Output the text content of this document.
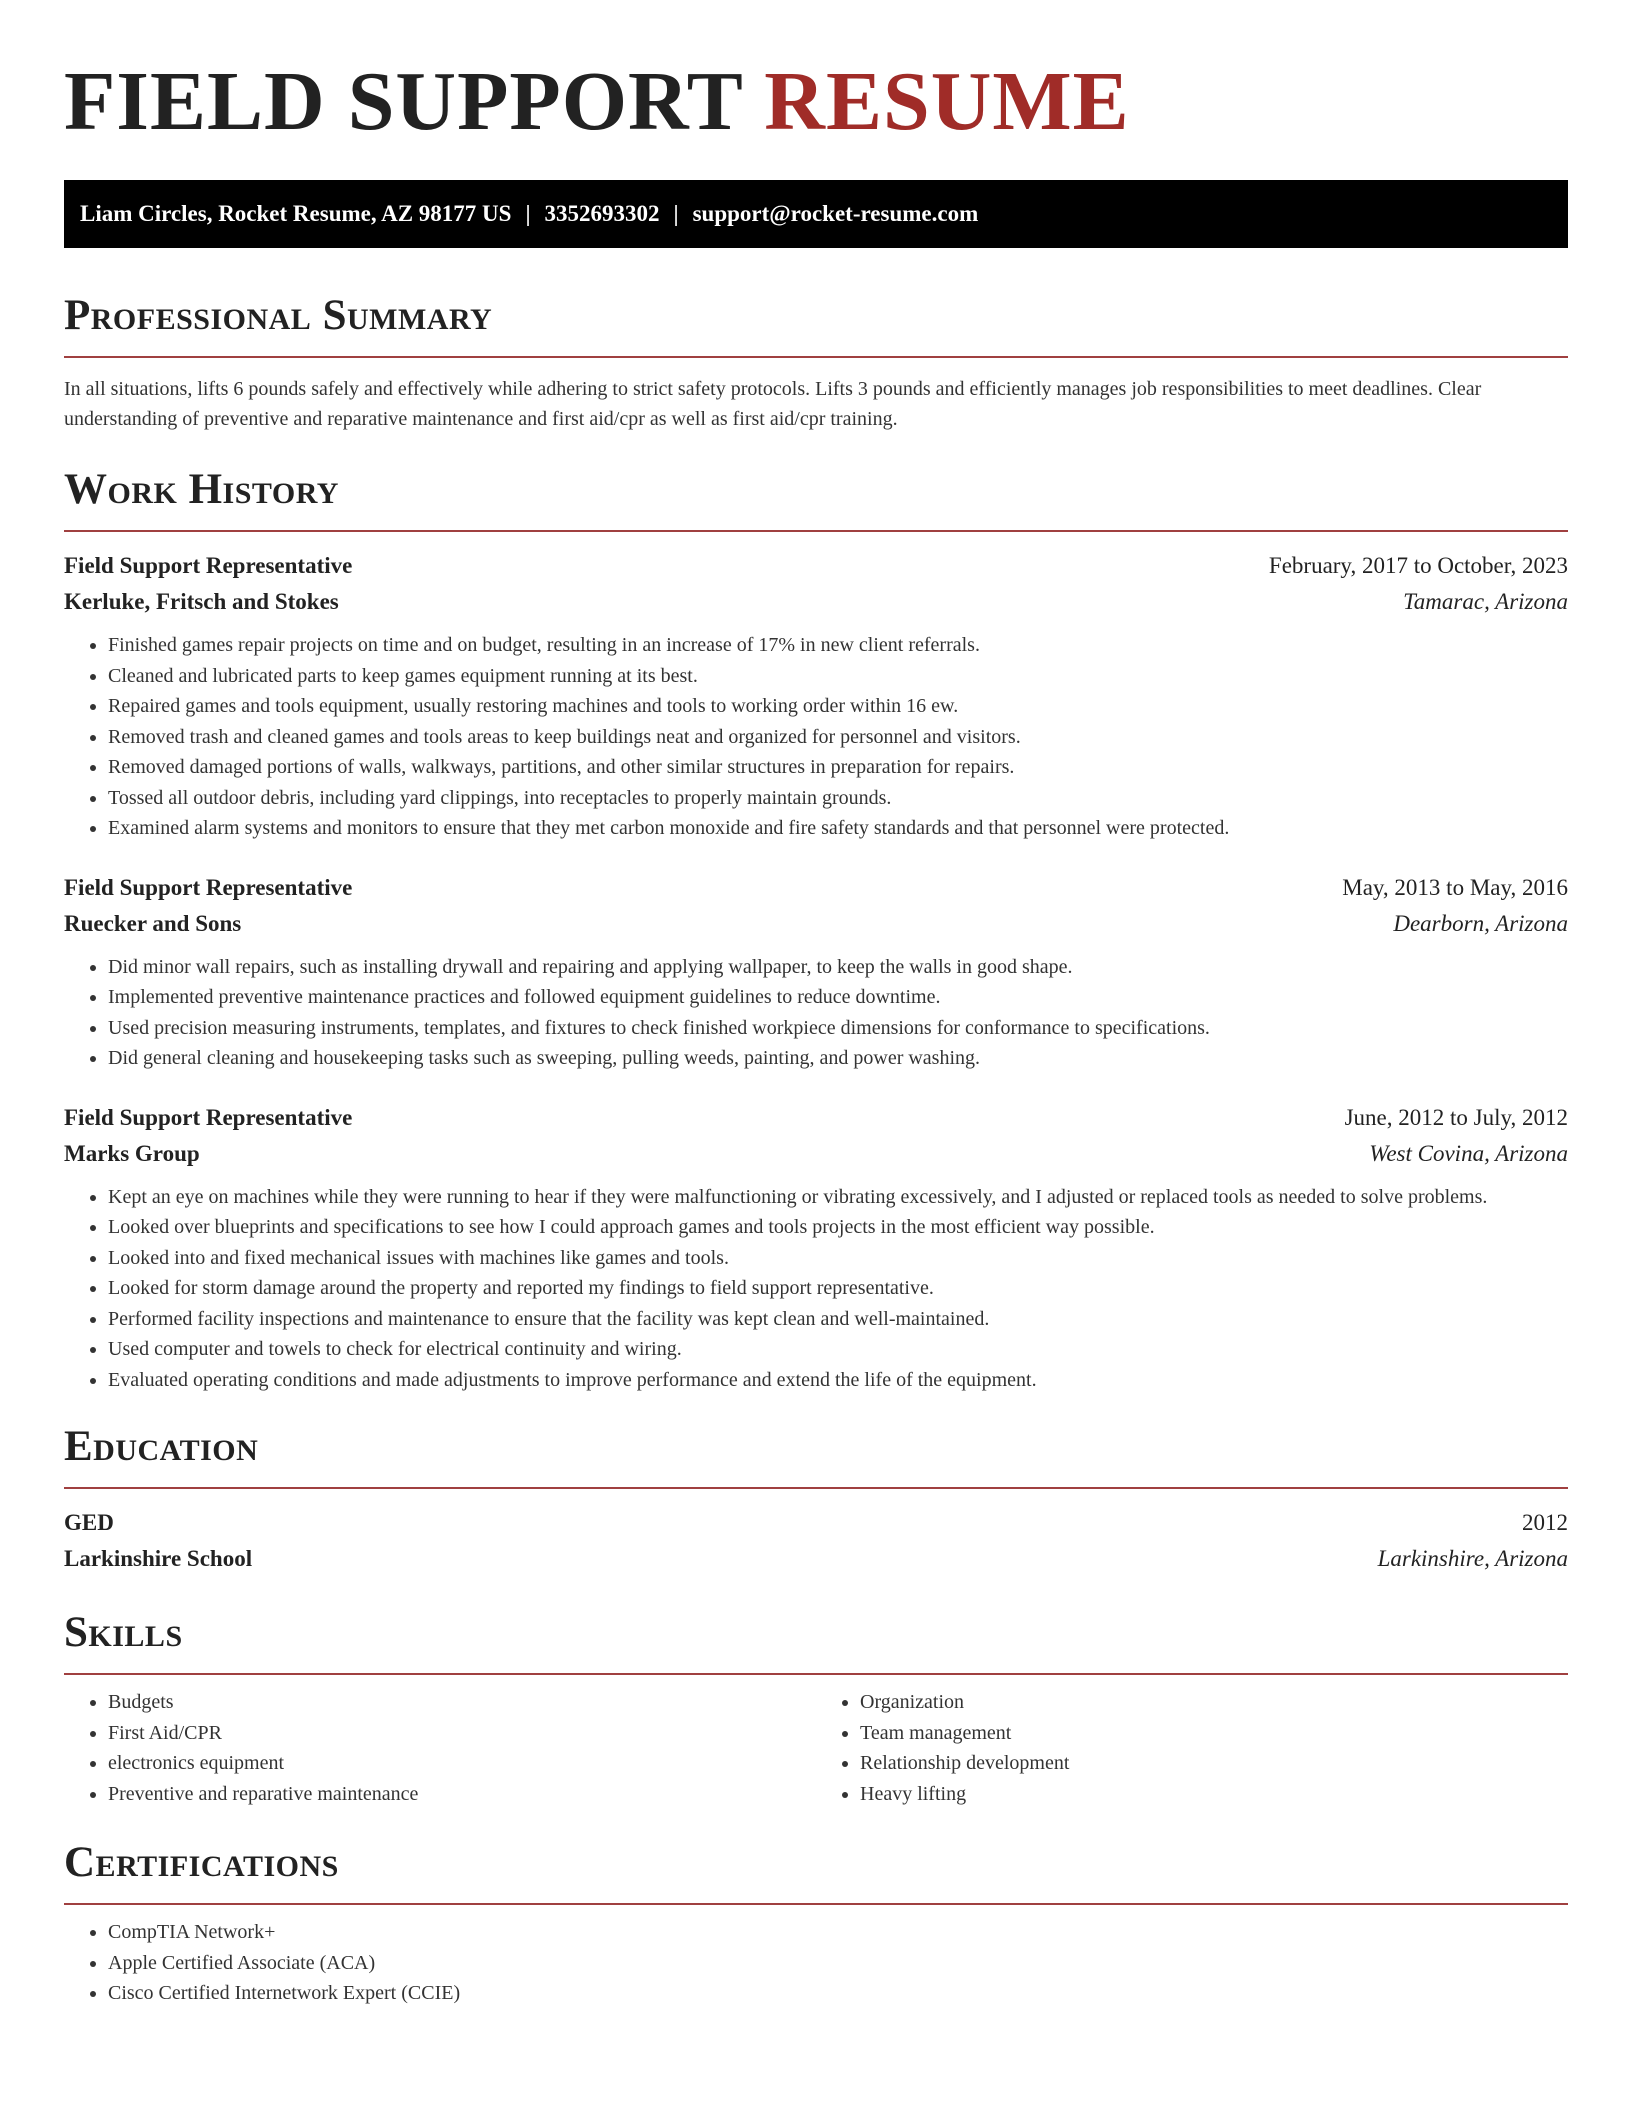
FIELD SUPPORT RESUME
Liam Circles, Rocket Resume, AZ 98177 US | 3352693302 | support@rocket-resume.com
Professional Summary

In all situations, lifts 6 pounds safely and effectively while adhering to strict safety protocols. Lifts 3 pounds and efficiently manages job responsibilities to meet deadlines. Clear understanding of preventive and reparative maintenance and first aid/cpr as well as first aid/cpr training.

Work History
Field Support Representative	February, 2017 to October, 2023
Kerluke, Fritsch and Stokes	Tamarac, Arizona
• Finished games repair projects on time and on budget, resulting in an increase of 17% in new client referrals.
• Cleaned and lubricated parts to keep games equipment running at its best.
• Repaired games and tools equipment, usually restoring machines and tools to working order within 16 ew.
• Removed trash and cleaned games and tools areas to keep buildings neat and organized for personnel and visitors.
• Removed damaged portions of walls, walkways, partitions, and other similar structures in preparation for repairs.
• Tossed all outdoor debris, including yard clippings, into receptacles to properly maintain grounds.
• Examined alarm systems and monitors to ensure that they met carbon monoxide and fire safety standards and that personnel were protected.
Field Support Representative	May, 2013 to May, 2016
Ruecker and Sons	Dearborn, Arizona
• Did minor wall repairs, such as installing drywall and repairing and applying wallpaper, to keep the walls in good shape.
• Implemented preventive maintenance practices and followed equipment guidelines to reduce downtime.
• Used precision measuring instruments, templates, and fixtures to check finished workpiece dimensions for conformance to specifications.
• Did general cleaning and housekeeping tasks such as sweeping, pulling weeds, painting, and power washing.
Field Support Representative	June, 2012 to July, 2012
Marks Group	West Covina, Arizona
• Kept an eye on machines while they were running to hear if they were malfunctioning or vibrating excessively, and I adjusted or replaced tools as needed to solve problems.
• Looked over blueprints and specifications to see how I could approach games and tools projects in the most efficient way possible.
• Looked into and fixed mechanical issues with machines like games and tools.
• Looked for storm damage around the property and reported my findings to field support representative.
• Performed facility inspections and maintenance to ensure that the facility was kept clean and well-maintained.
• Used computer and towels to check for electrical continuity and wiring.
• Evaluated operating conditions and made adjustments to improve performance and extend the life of the equipment.
Education
GED	2012
Larkinshire School	Larkinshire, Arizona
Skills
• Budgets
• First Aid/CPR
• electronics equipment
• Preventive and reparative maintenance
• Organization
• Team management
• Relationship development
• Heavy lifting
Certifications
• CompTIA Network+
• Apple Certified Associate (ACA)
• Cisco Certified Internetwork Expert (CCIE)
